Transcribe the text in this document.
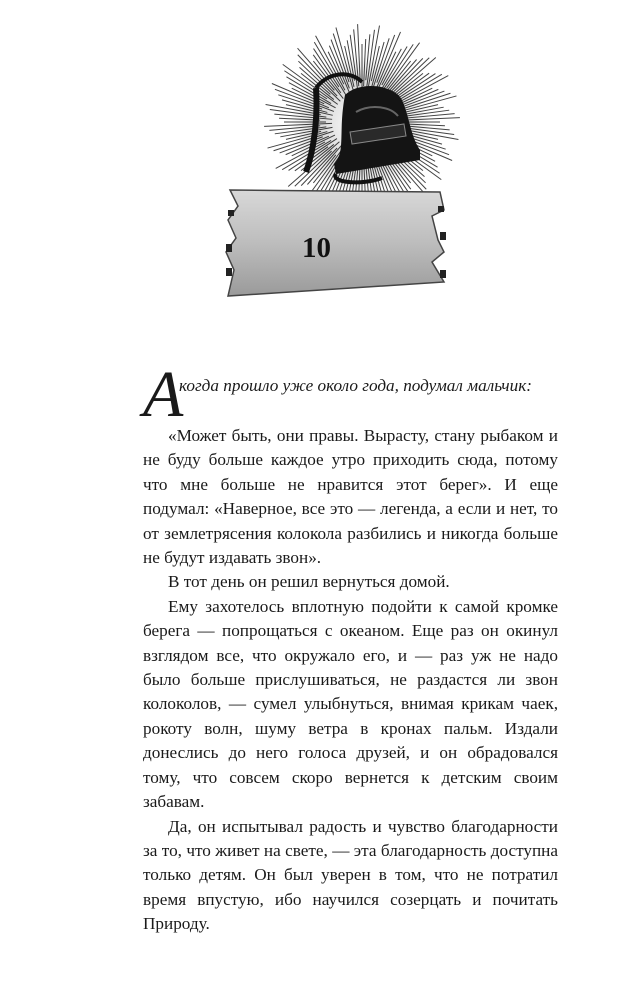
10
А
когда прошло уже около года, подумал мальчик:

«Может быть, они правы. Вырасту, стану рыбаком и не буду больше каждое утро приходить сюда, потому что мне больше не нравится этот берег». И еще подумал: «Наверное, все это — легенда, а если и нет, то от землетрясения колокола разбились и никогда больше не будут издавать звон».

В тот день он решил вернуться домой.

Ему захотелось вплотную подойти к самой кромке берега — попрощаться с океаном. Еще раз он окинул взглядом все, что окружало его, и — раз уж не надо было больше прислушиваться, не раздастся ли звон колоколов, — сумел улыбнуться, внимая крикам чаек, рокоту волн, шуму ветра в кронах пальм. Издали донеслись до него голоса друзей, и он обрадовался тому, что совсем скоро вернется к детским своим забавам.

Да, он испытывал радость и чувство благодарности за то, что живет на свете, — эта благодарность доступна только детям. Он был уверен в том, что не потратил время впустую, ибо научился созерцать и почитать Природу.
